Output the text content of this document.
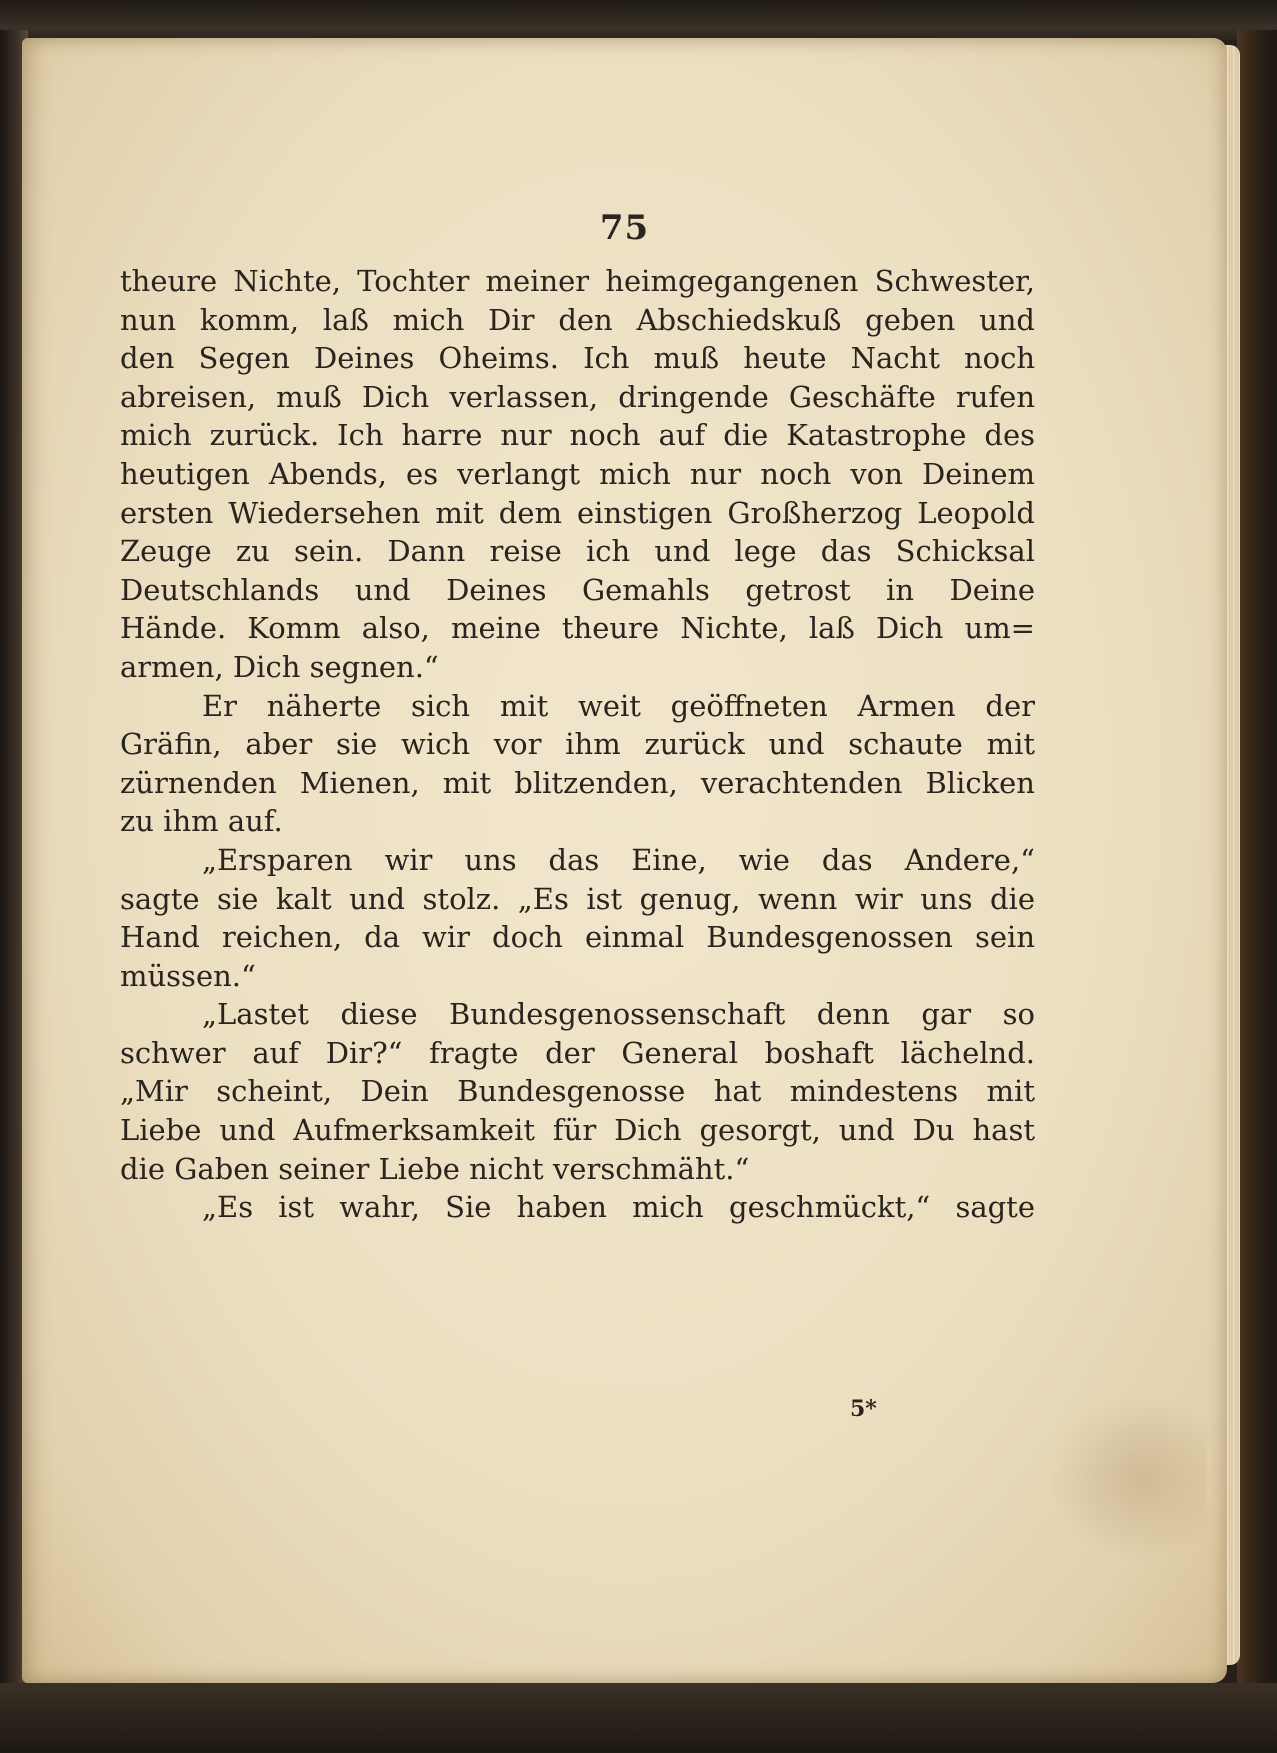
75
theure Nichte, Tochter meiner heimgegangenen Schwester,
nun komm, laß mich Dir den Abschiedskuß geben und
den Segen Deines Oheims. Ich muß heute Nacht noch
abreisen, muß Dich verlassen, dringende Geschäfte rufen
mich zurück. Ich harre nur noch auf die Katastrophe des
heutigen Abends, es verlangt mich nur noch von Deinem
ersten Wiedersehen mit dem einstigen Großherzog Leopold
Zeuge zu sein. Dann reise ich und lege das Schicksal
Deutschlands und Deines Gemahls getrost in Deine
Hände. Komm also, meine theure Nichte, laß Dich um=
armen, Dich segnen.“
Er näherte sich mit weit geöffneten Armen der
Gräfin, aber sie wich vor ihm zurück und schaute mit
zürnenden Mienen, mit blitzenden, verachtenden Blicken
zu ihm auf.
„Ersparen wir uns das Eine, wie das Andere,“
sagte sie kalt und stolz. „Es ist genug, wenn wir uns die
Hand reichen, da wir doch einmal Bundesgenossen sein
müssen.“
„Lastet diese Bundesgenossenschaft denn gar so
schwer auf Dir?“ fragte der General boshaft lächelnd.
„Mir scheint, Dein Bundesgenosse hat mindestens mit
Liebe und Aufmerksamkeit für Dich gesorgt, und Du hast
die Gaben seiner Liebe nicht verschmäht.“
„Es ist wahr, Sie haben mich geschmückt,“ sagte
5*
